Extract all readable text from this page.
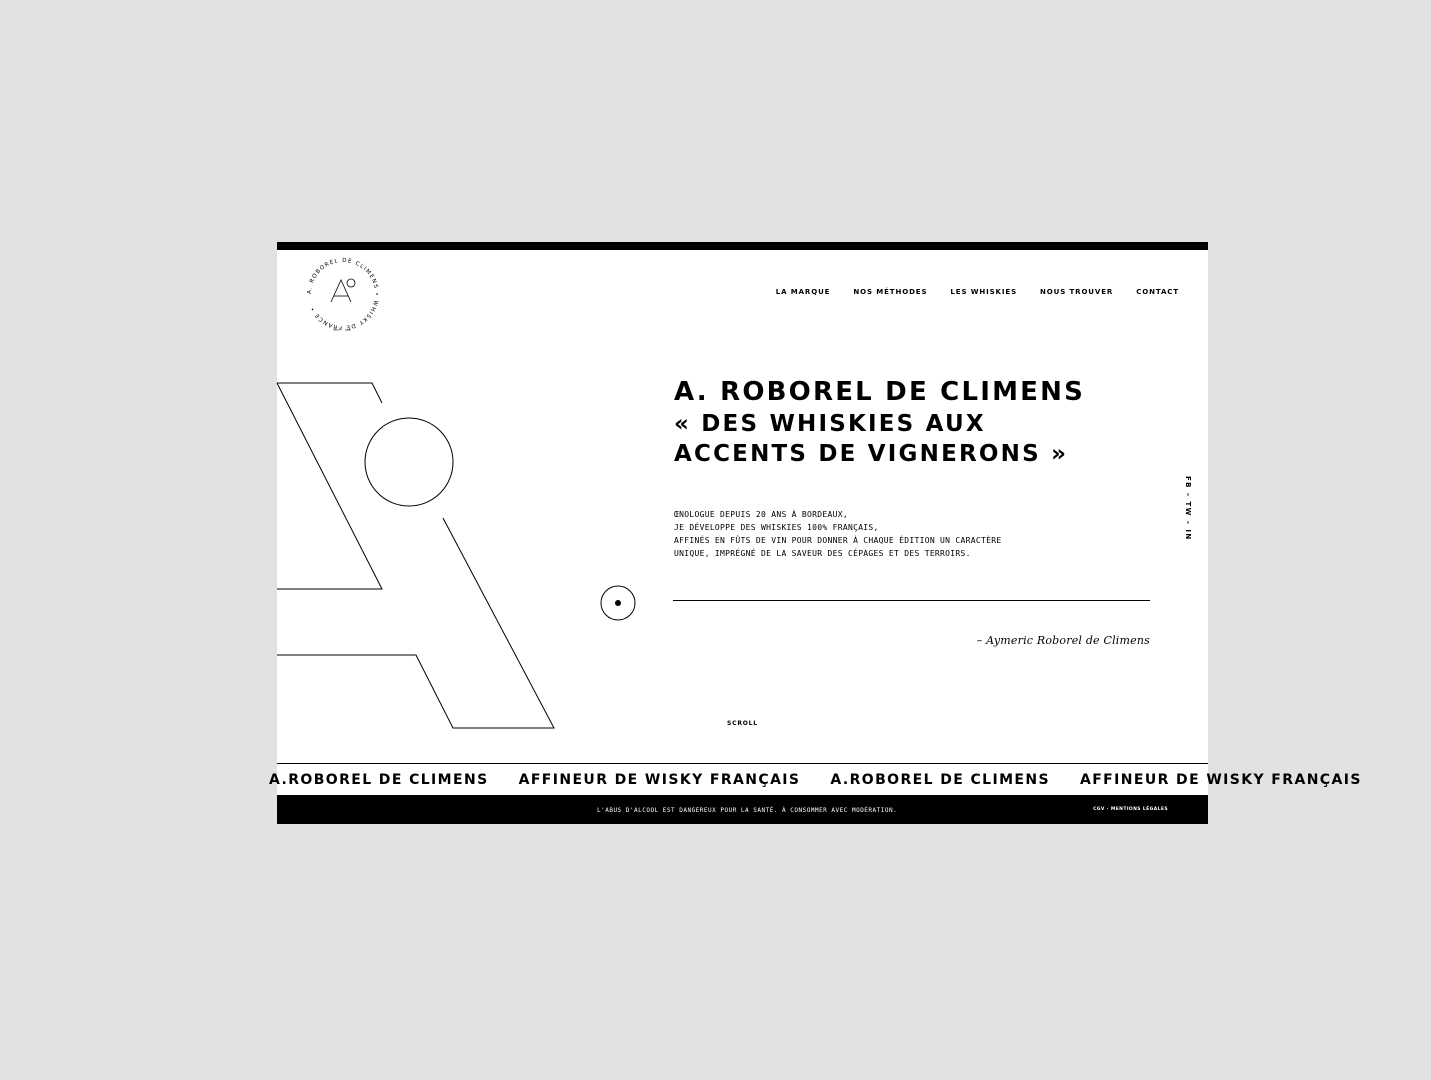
A. ROBOREL DE CLIMENS • WHISKY DE FRANCE •
LA MARQUE	NOS MÉTHODES	LES WHISKIES	NOUS TROUVER	CONTACT
A. ROBOREL DE CLIMENS
« DES WHISKIES AUX
ACCENTS DE VIGNERONS »
ŒNOLOGUE DEPUIS 20 ANS À BORDEAUX,
JE DÉVELOPPE DES WHISKIES 100% FRANÇAIS,
AFFINÉS EN FÛTS DE VIN POUR DONNER À CHAQUE ÉDITION UN CARACTÈRE
UNIQUE, IMPRÉGNÉ DE LA SAVEUR DES CÉPAGES ET DES TERROIRS.
– Aymeric Roborel de Climens
FB – TW – IN
SCROLL
A.ROBOREL DE CLIMENS AFFINEUR DE WISKY FRANÇAIS A.ROBOREL DE CLIMENS AFFINEUR DE WISKY FRANÇAIS
L'ABUS D'ALCOOL EST DANGEREUX POUR LA SANTÉ. À CONSOMMER AVEC MODÉRATION.	CGV · MENTIONS LÉGALES
